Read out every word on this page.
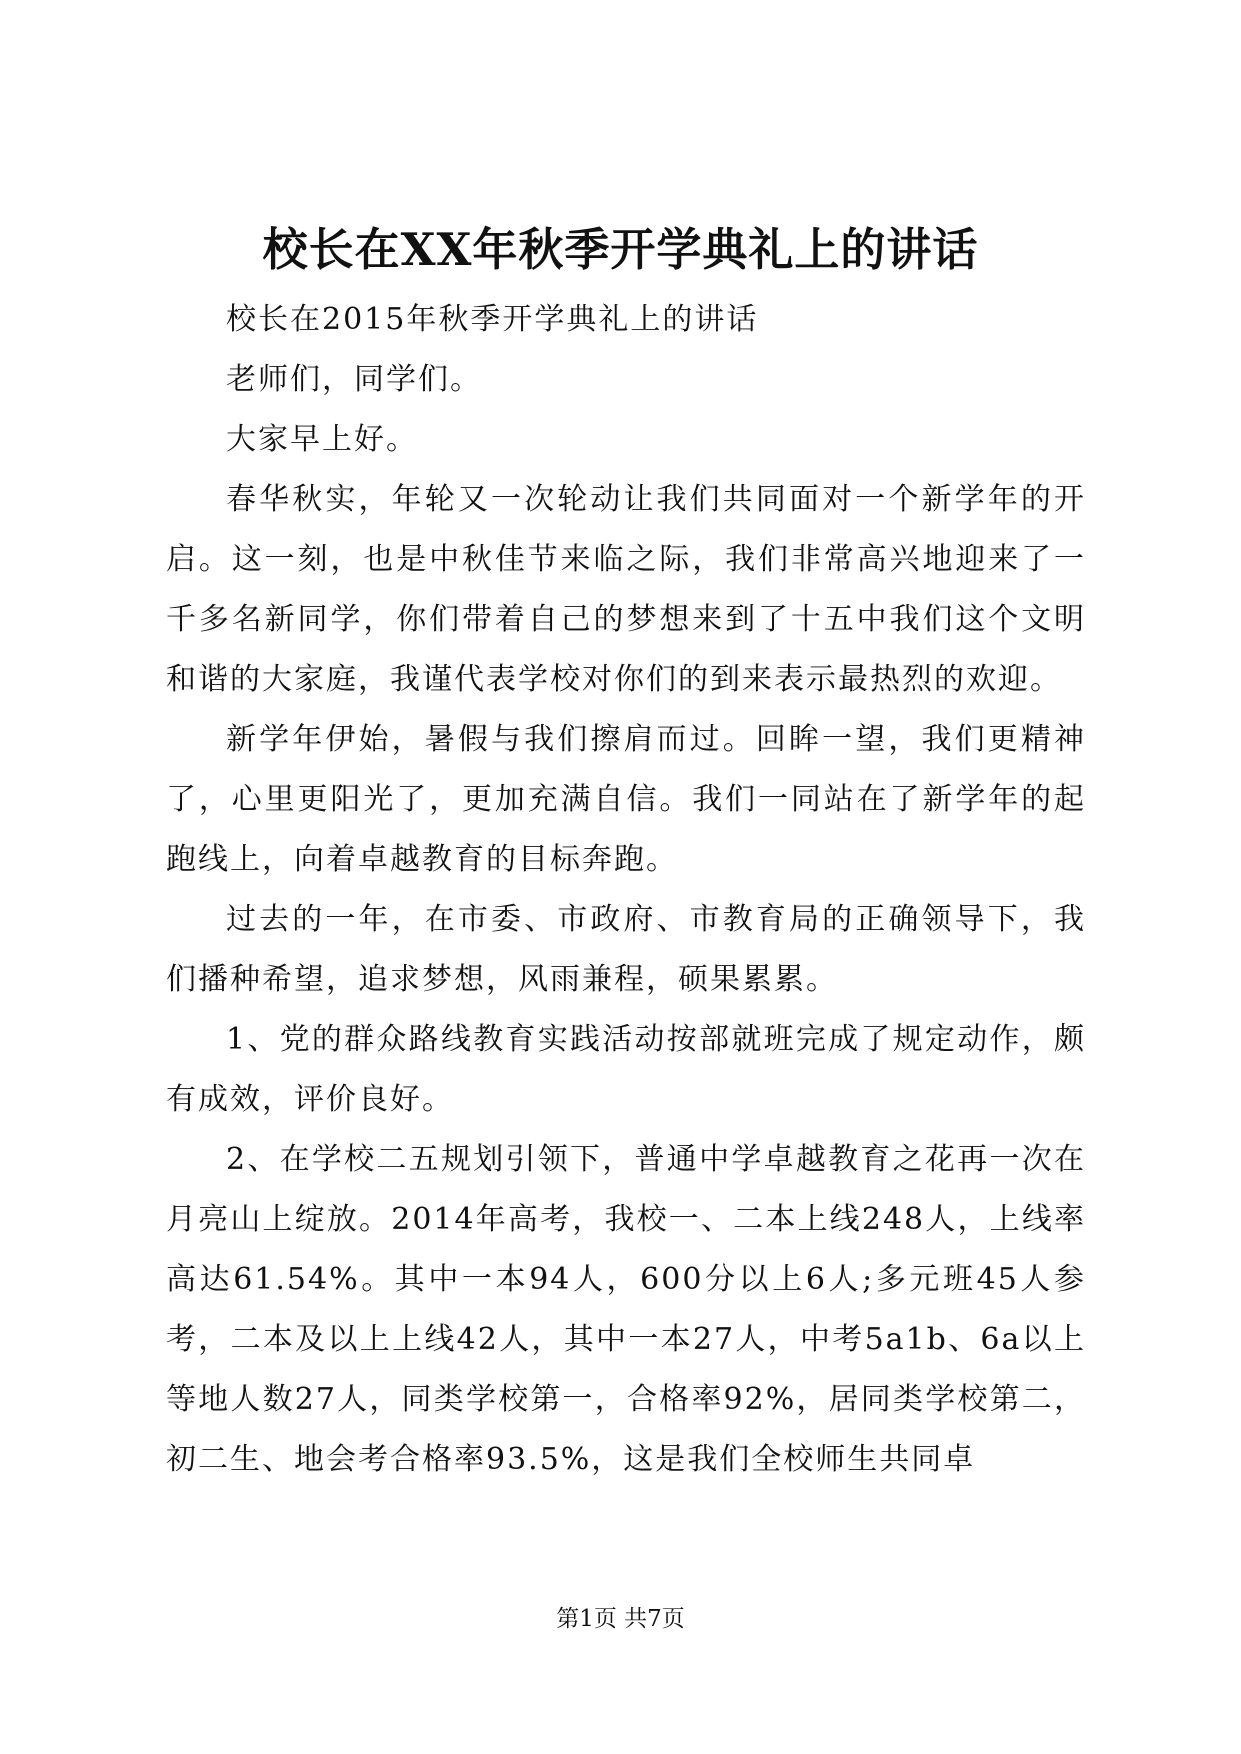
校长在XX年秋季开学典礼上的讲话

校长在2015年秋季开学典礼上的讲话

老师们，同学们。

大家早上好。

春华秋实，年轮又一次轮动让我们共同面对一个新学年的开启。这一刻，也是中秋佳节来临之际，我们非常高兴地迎来了一千多名新同学，你们带着自己的梦想来到了十五中我们这个文明和谐的大家庭，我谨代表学校对你们的到来表示最热烈的欢迎。

新学年伊始，暑假与我们擦肩而过。回眸一望，我们更精神了，心里更阳光了，更加充满自信。我们一同站在了新学年的起跑线上，向着卓越教育的目标奔跑。

过去的一年，在市委、市政府、市教育局的正确领导下，我们播种希望，追求梦想，风雨兼程，硕果累累。

1、党的群众路线教育实践活动按部就班完成了规定动作，颇有成效，评价良好。

2、在学校二五规划引领下，普通中学卓越教育之花再一次在月亮山上绽放。2014年高考，我校一、二本上线248人，上线率高达61.54%。其中一本94人，600分以上6人;多元班45人参考，二本及以上上线42人，其中一本27人，中考5a1b、6a以上等地人数27人，同类学校第一，合格率92%，居同类学校第二，初二生、地会考合格率93.5%，这是我们全校师生共同卓

第1页 共7页
